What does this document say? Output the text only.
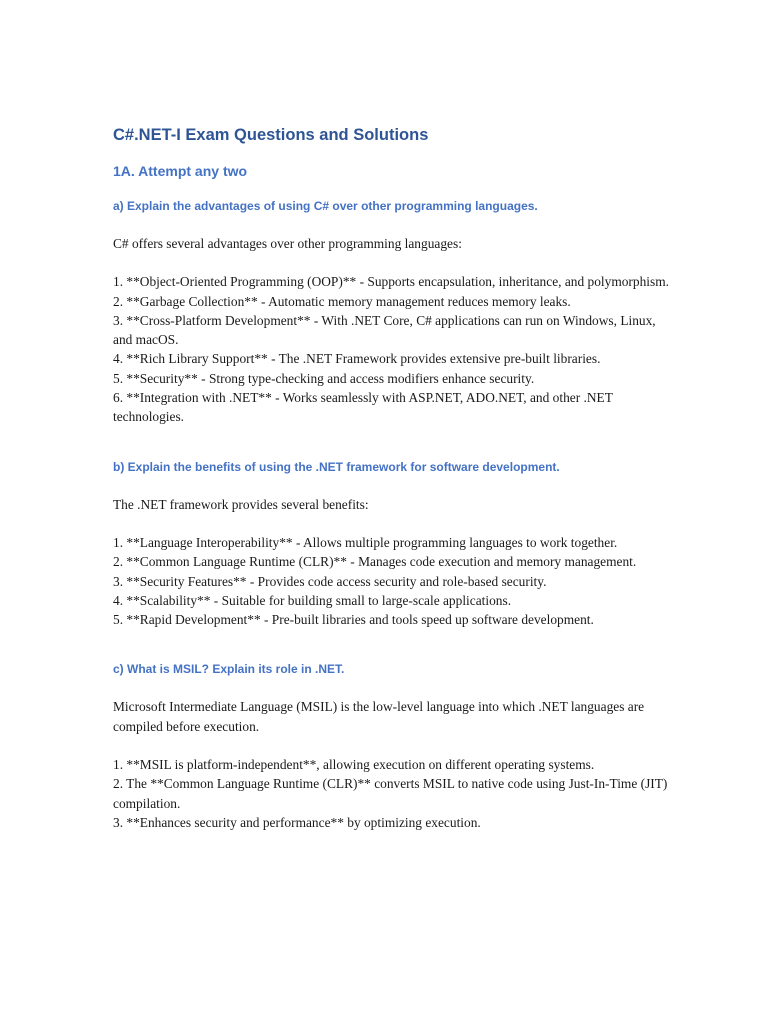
C#.NET-I Exam Questions and Solutions
1A. Attempt any two
a) Explain the advantages of using C# over other programming languages.

C# offers several advantages over other programming languages:

1. **Object-Oriented Programming (OOP)** - Supports encapsulation, inheritance, and polymorphism.
2. **Garbage Collection** - Automatic memory management reduces memory leaks.
3. **Cross-Platform Development** - With .NET Core, C# applications can run on Windows, Linux, and macOS.
4. **Rich Library Support** - The .NET Framework provides extensive pre-built libraries.
5. **Security** - Strong type-checking and access modifiers enhance security.
6. **Integration with .NET** - Works seamlessly with ASP.NET, ADO.NET, and other .NET technologies.
b) Explain the benefits of using the .NET framework for software development.

The .NET framework provides several benefits:

1. **Language Interoperability** - Allows multiple programming languages to work together.
2. **Common Language Runtime (CLR)** - Manages code execution and memory management.
3. **Security Features** - Provides code access security and role-based security.
4. **Scalability** - Suitable for building small to large-scale applications.
5. **Rapid Development** - Pre-built libraries and tools speed up software development.
c) What is MSIL? Explain its role in .NET.

Microsoft Intermediate Language (MSIL) is the low-level language into which .NET languages are compiled before execution.

1. **MSIL is platform-independent**, allowing execution on different operating systems.
2. The **Common Language Runtime (CLR)** converts MSIL to native code using Just-In-Time (JIT) compilation.
3. **Enhances security and performance** by optimizing execution.
